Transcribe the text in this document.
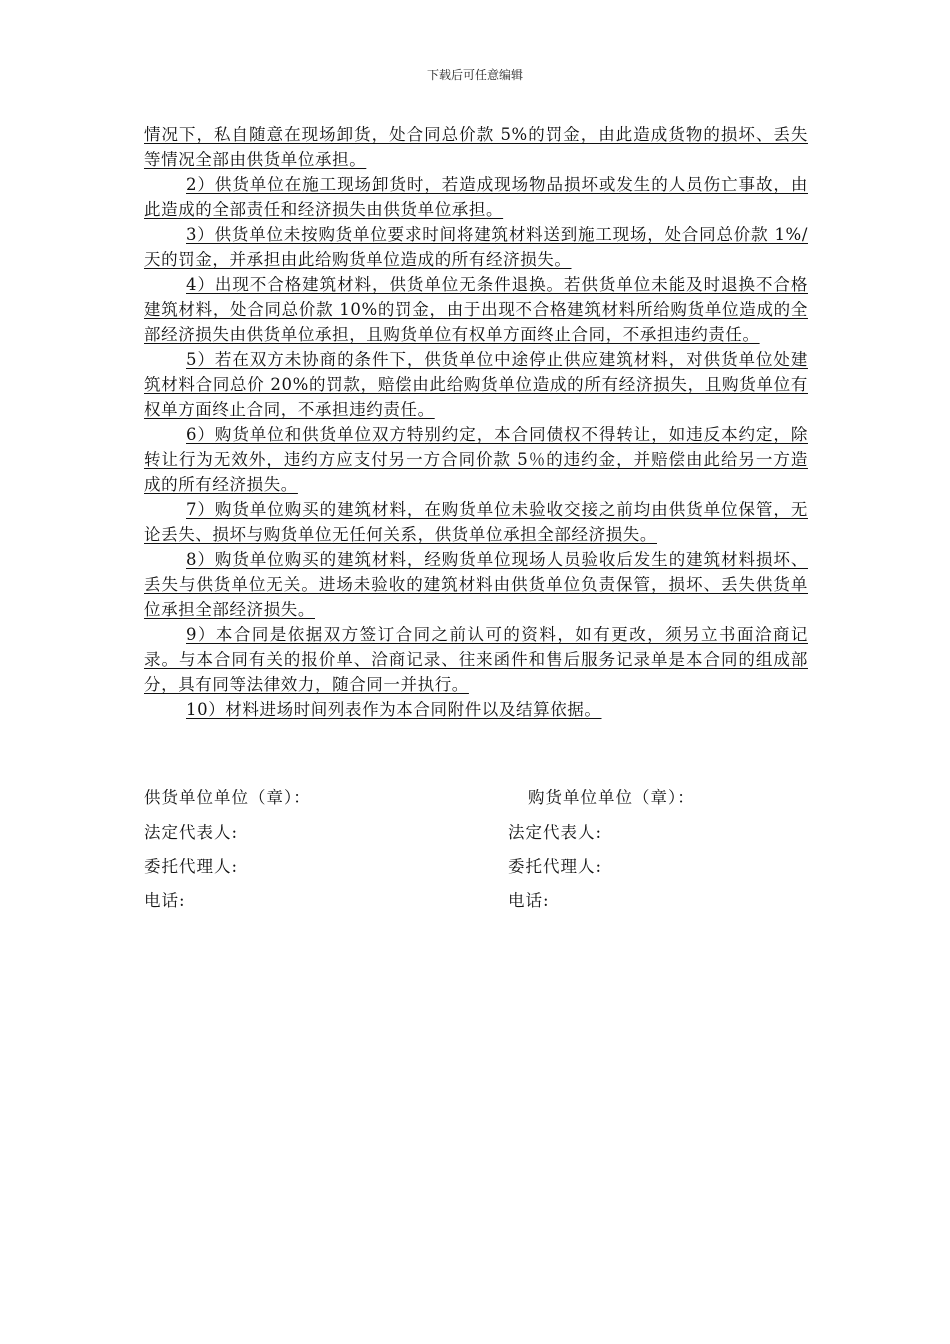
下载后可任意编辑

情况下，私自随意在现场卸货，处合同总价款 5%的罚金，由此造成货物的损坏、丢失等情况全部由供货单位承担。

2）供货单位在施工现场卸货时，若造成现场物品损坏或发生的人员伤亡事故，由此造成的全部责任和经济损失由供货单位承担。

3）供货单位未按购货单位要求时间将建筑材料送到施工现场，处合同总价款 1%/天的罚金，并承担由此给购货单位造成的所有经济损失。

4）出现不合格建筑材料，供货单位无条件退换。若供货单位未能及时退换不合格建筑材料，处合同总价款 10%的罚金，由于出现不合格建筑材料所给购货单位造成的全部经济损失由供货单位承担，且购货单位有权单方面终止合同，不承担违约责任。

5）若在双方未协商的条件下，供货单位中途停止供应建筑材料，对供货单位处建筑材料合同总价 20%的罚款，赔偿由此给购货单位造成的所有经济损失，且购货单位有权单方面终止合同，不承担违约责任。

6）购货单位和供货单位双方特别约定，本合同债权不得转让，如违反本约定，除转让行为无效外，违约方应支付另一方合同价款 5％的违约金，并赔偿由此给另一方造成的所有经济损失。

7）购货单位购买的建筑材料，在购货单位未验收交接之前均由供货单位保管，无论丢失、损坏与购货单位无任何关系，供货单位承担全部经济损失。

8）购货单位购买的建筑材料，经购货单位现场人员验收后发生的建筑材料损坏、丢失与供货单位无关。进场未验收的建筑材料由供货单位负责保管，损坏、丢失供货单位承担全部经济损失。

9）本合同是依据双方签订合同之前认可的资料，如有更改，须另立书面洽商记录。与本合同有关的报价单、洽商记录、往来函件和售后服务记录单是本合同的组成部分，具有同等法律效力，随合同一并执行。

10）材料进场时间列表作为本合同附件以及结算依据。

供货单位单位（章）：	购货单位单位（章）：
法定代表人:	法定代表人:
委托代理人:	委托代理人:
电话:	电话:
